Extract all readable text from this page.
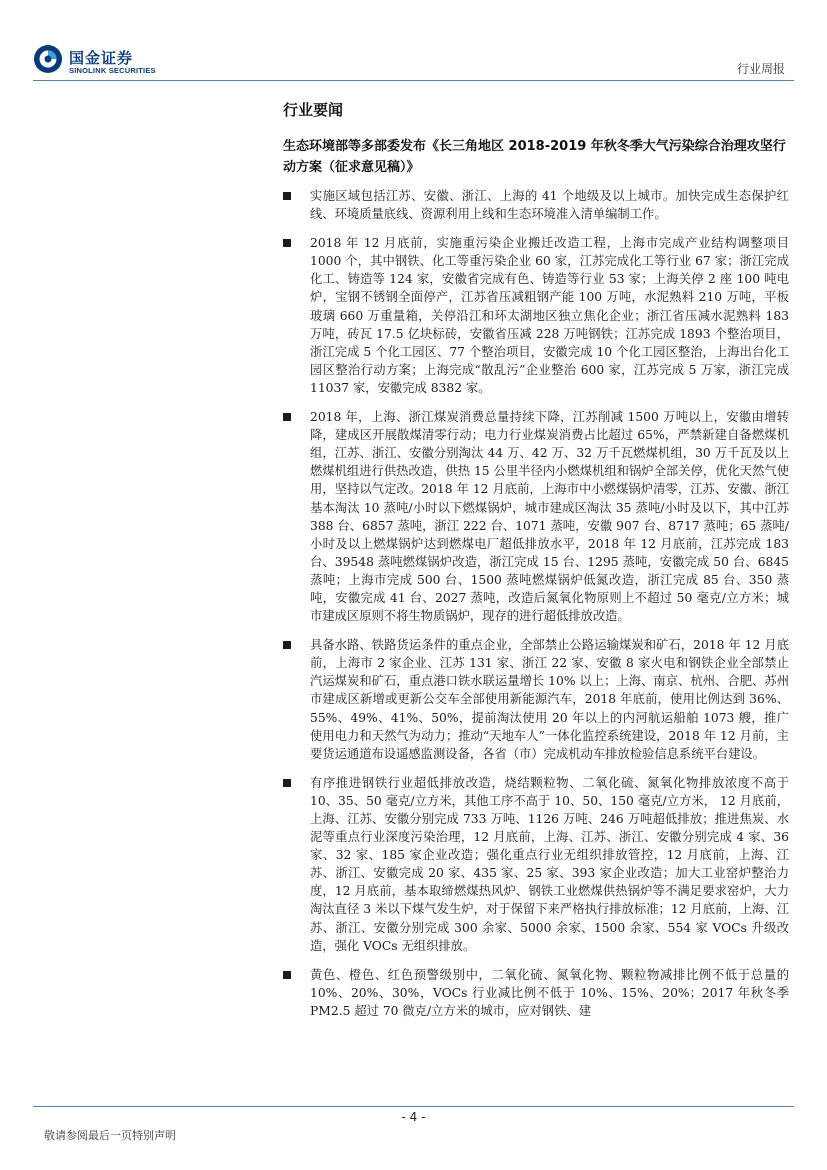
国金证券
SINOLINK SECURITIES	行业周报
行业要闻
生态环境部等多部委发布《长三角地区 2018-2019 年秋冬季大气污染综合治理攻坚行动方案（征求意见稿）》
实施区域包括江苏、安徽、浙江、上海的 41 个地级及以上城市。加快完成生态保护红线、环境质量底线、资源利用上线和生态环境准入清单编制工作。
2018 年 12 月底前，实施重污染企业搬迁改造工程，上海市完成产业结构调整项目 1000 个，其中钢铁、化工等重污染企业 60 家，江苏完成化工等行业 67 家；浙江完成化工、铸造等 124 家，安徽省完成有色、铸造等行业 53 家；上海关停 2 座 100 吨电炉，宝钢不锈钢全面停产，江苏省压减粗钢产能 100 万吨，水泥熟料 210 万吨，平板玻璃 660 万重量箱，关停沿江和环太湖地区独立焦化企业；浙江省压减水泥熟料 183 万吨，砖瓦 17.5 亿块标砖，安徽省压减 228 万吨钢铁；江苏完成 1893 个整治项目，浙江完成 5 个化工园区、77 个整治项目，安徽完成 10 个化工园区整治，上海出台化工园区整治行动方案；上海完成“散乱污”企业整治 600 家，江苏完成 5 万家，浙江完成 11037 家，安徽完成 8382 家。
2018 年，上海、浙江煤炭消费总量持续下降，江苏削减 1500 万吨以上，安徽由增转降，建成区开展散煤清零行动；电力行业煤炭消费占比超过 65%，严禁新建自备燃煤机组，江苏、浙江、安徽分别淘汰 44 万、42 万、32 万千瓦燃煤机组，30 万千瓦及以上燃煤机组进行供热改造，供热 15 公里半径内小燃煤机组和锅炉全部关停，优化天然气使用，坚持以气定改。2018 年 12 月底前，上海市中小燃煤锅炉清零，江苏、安徽、浙江基本淘汰 10 蒸吨/小时以下燃煤锅炉，城市建成区淘汰 35 蒸吨/小时及以下，其中江苏 388 台、6857 蒸吨，浙江 222 台、1071 蒸吨，安徽 907 台、8717 蒸吨；65 蒸吨/小时及以上燃煤锅炉达到燃煤电厂超低排放水平，2018 年 12 月底前，江苏完成 183 台、39548 蒸吨燃煤锅炉改造，浙江完成 15 台、1295 蒸吨，安徽完成 50 台、6845 蒸吨；上海市完成 500 台、1500 蒸吨燃煤锅炉低氮改造，浙江完成 85 台、350 蒸吨，安徽完成 41 台、2027 蒸吨，改造后氮氧化物原则上不超过 50 毫克/立方米；城市建成区原则不将生物质锅炉，现存的进行超低排放改造。
具备水路、铁路货运条件的重点企业，全部禁止公路运输煤炭和矿石，2018 年 12 月底前，上海市 2 家企业、江苏 131 家、浙江 22 家、安徽 8 家火电和钢铁企业全部禁止汽运煤炭和矿石，重点港口铁水联运量增长 10% 以上；上海、南京、杭州、合肥、苏州市建成区新增或更新公交车全部使用新能源汽车，2018 年底前，使用比例达到 36%、55%、49%、41%、50%，提前淘汰使用 20 年以上的内河航运船舶 1073 艘，推广使用电力和天然气为动力；推动“天地车人”一体化监控系统建设，2018 年 12 月前，主要货运通道布设遥感监测设备，各省（市）完成机动车排放检验信息系统平台建设。
有序推进钢铁行业超低排放改造，烧结颗粒物、二氧化硫、氮氧化物排放浓度不高于 10、35、50 毫克/立方米，其他工序不高于 10、50、150 毫克/立方米， 12 月底前，上海、江苏、安徽分别完成 733 万吨、1126 万吨、246 万吨超低排放；推进焦炭、水泥等重点行业深度污染治理，12 月底前，上海、江苏、浙江、安徽分别完成 4 家、36 家、32 家、185 家企业改造；强化重点行业无组织排放管控，12 月底前，上海、江苏、浙江、安徽完成 20 家、435 家、25 家、393 家企业改造；加大工业窑炉整治力度，12 月底前，基本取缔燃煤热风炉、钢铁工业燃煤供热锅炉等不满足要求窑炉，大力淘汰直径 3 米以下煤气发生炉，对于保留下来严格执行排放标准；12 月底前，上海、江苏、浙江、安徽分别完成 300 余家、5000 余家、1500 余家、554 家 VOCs 升级改造，强化 VOCs 无组织排放。
黄色、橙色、红色预警级别中，二氧化硫、氮氧化物、颗粒物减排比例不低于总量的 10%、20%、30%，VOCs 行业减比例不低于 10%、15%、20%；2017 年秋冬季 PM2.5 超过 70 微克/立方米的城市，应对钢铁、建
- 4 -
敬请参阅最后一页特别声明
